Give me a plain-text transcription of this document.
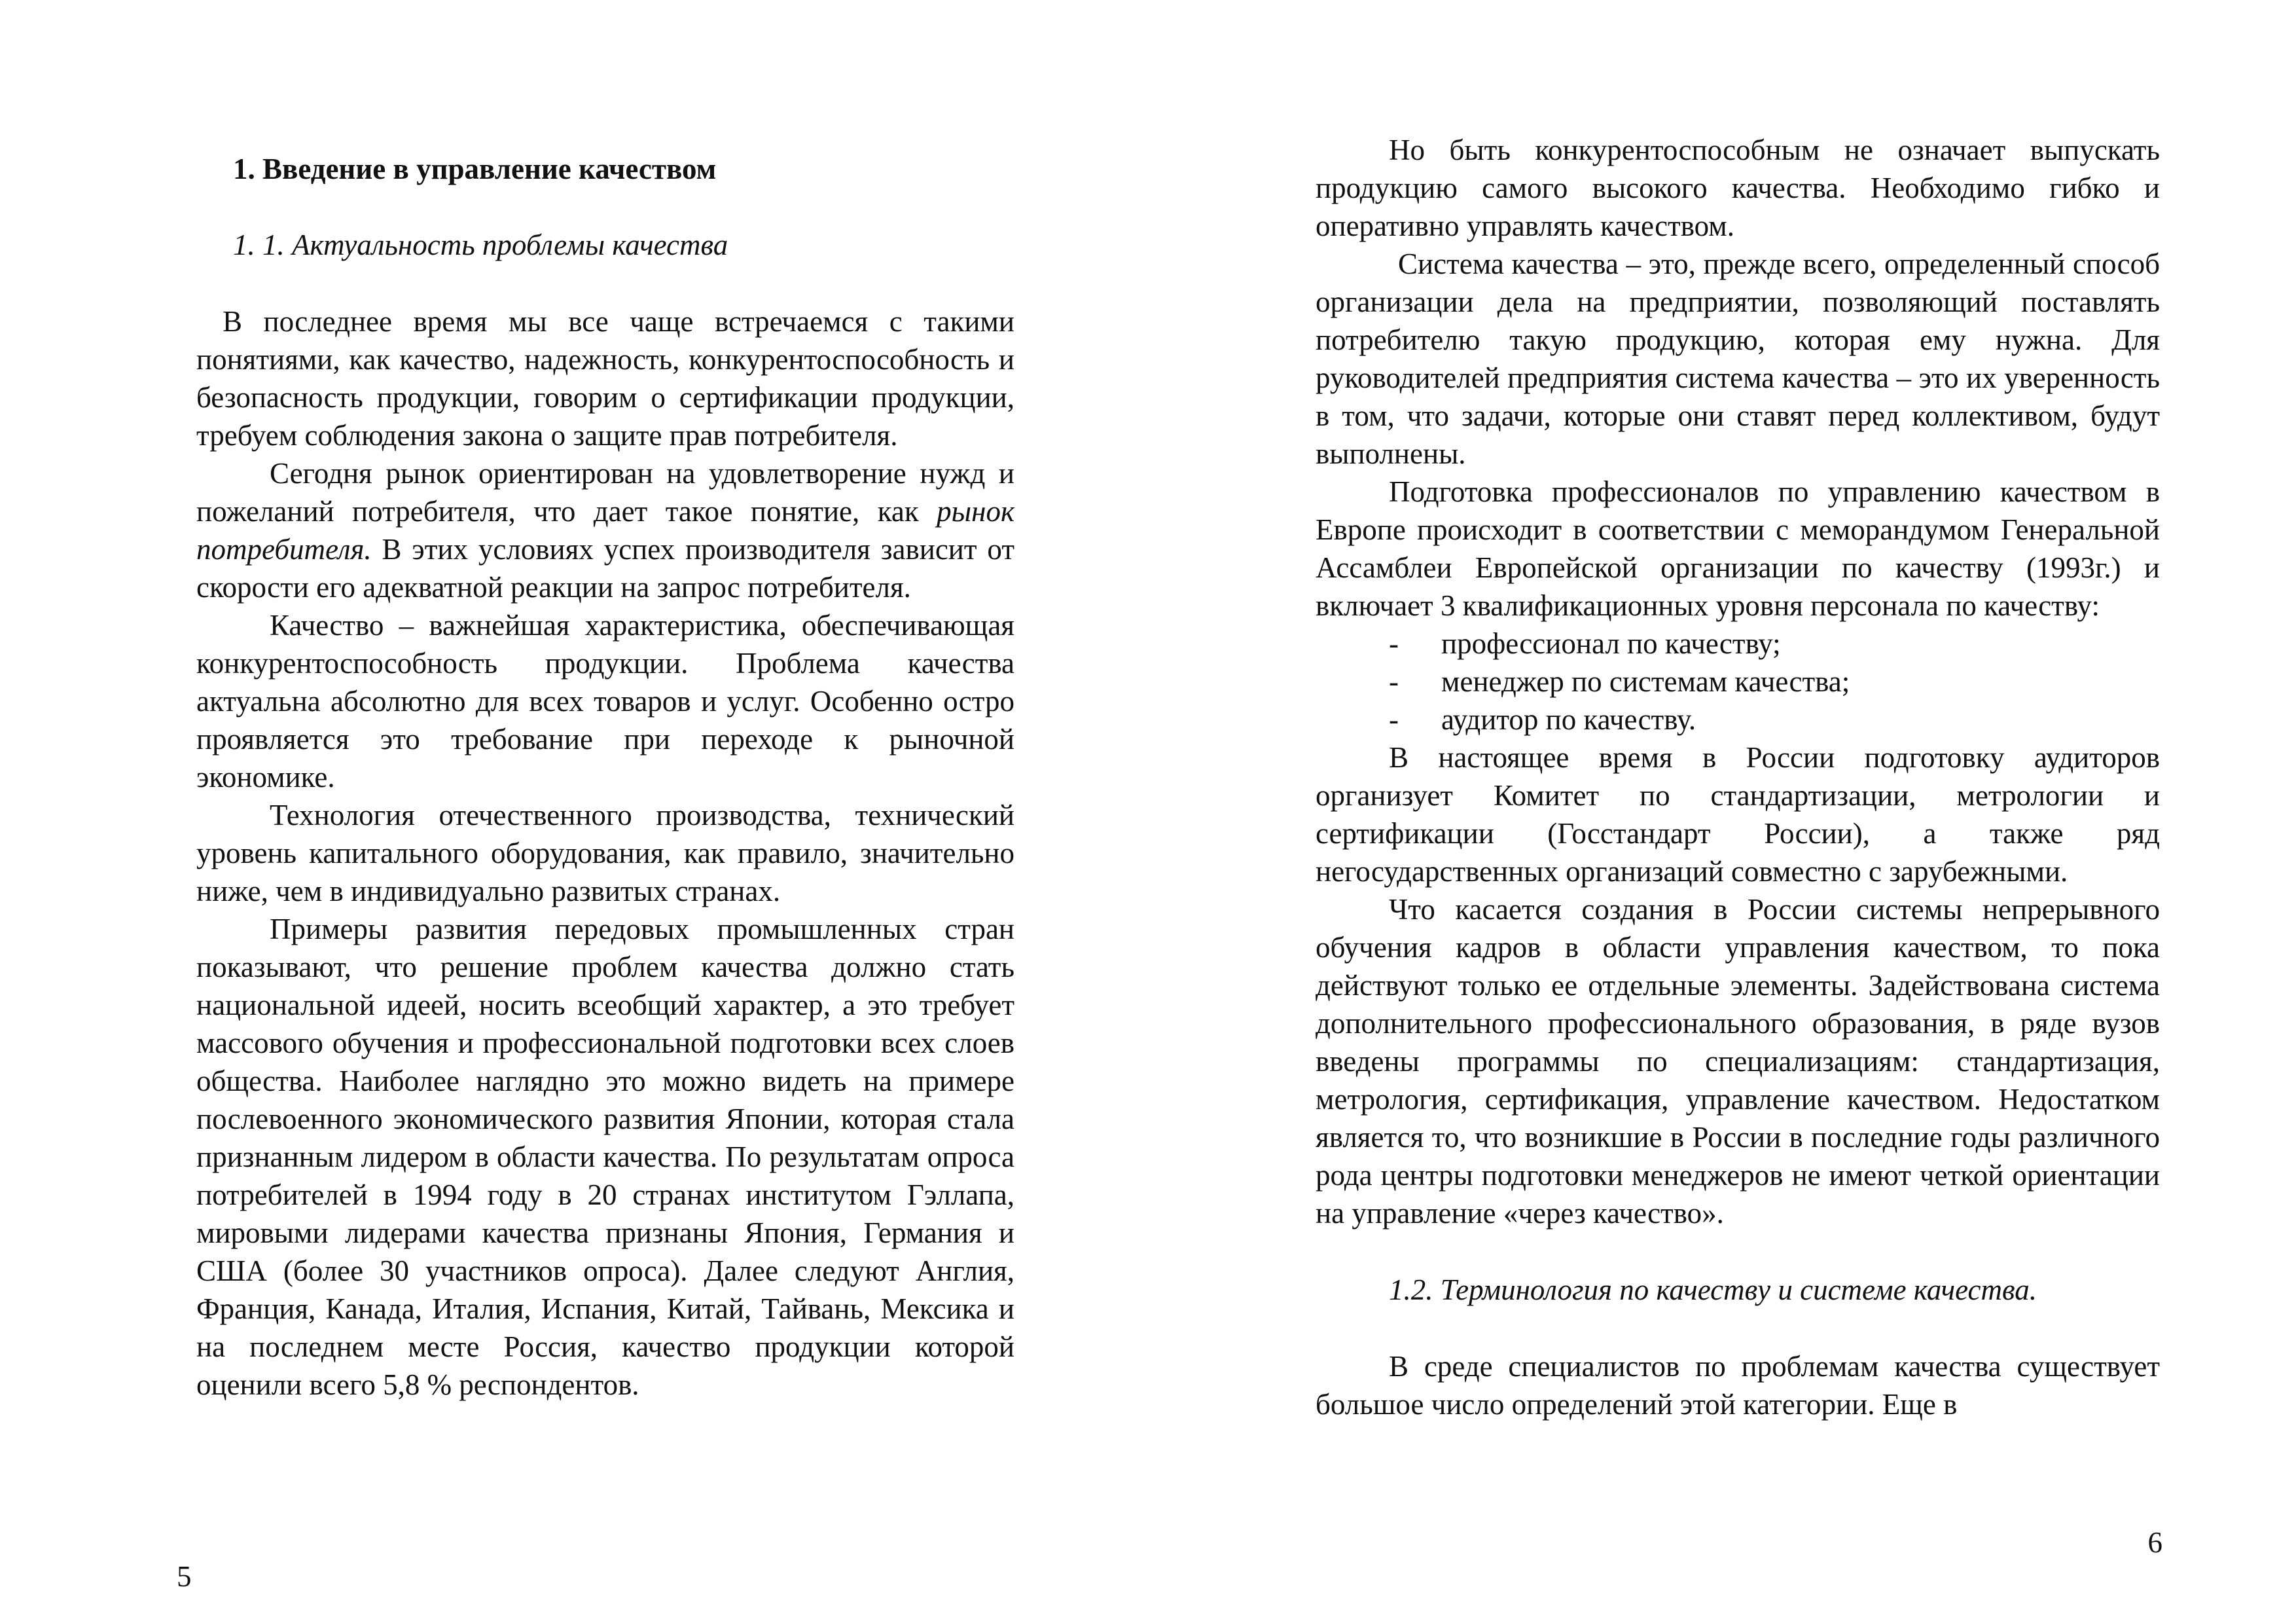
1. Введение в управление качеством
1. 1. Актуальность проблемы качества

В последнее время мы все чаще встречаемся с такими понятиями, как качество, надежность, конкурентоспособность и безопасность продукции, говорим о сертификации продукции, требуем соблюдения закона о защите прав потребителя.

Сегодня рынок ориентирован на удовлетворение нужд и пожеланий потребителя, что дает такое понятие, как рынок потребителя. В этих условиях успех производителя зависит от скорости его адекватной реакции на запрос потребителя.

Качество – важнейшая характеристика, обеспечивающая конкурентоспособность продукции. Проблема качества актуальна абсолютно для всех товаров и услуг. Особенно остро проявляется это требование при переходе к рыночной экономике.

Технология отечественного производства, технический уровень капитального оборудования, как правило, значительно ниже, чем в индивидуально развитых странах.

Примеры развития передовых промышленных стран показывают, что решение проблем качества должно стать национальной идеей, носить всеобщий характер, а это требует массового обучения и профессиональной подготовки всех слоев общества. Наиболее наглядно это можно видеть на примере послевоенного экономического развития Японии, которая стала признанным лидером в области качества. По результатам опроса потребителей в 1994 году в 20 странах институтом Гэллапа, мировыми лидерами качества признаны Япония, Германия и США (более 30 участников опроса). Далее следуют Англия, Франция, Канада, Италия, Испания, Китай, Тайвань, Мексика и на последнем месте Россия, качество продукции которой оценили всего 5,8 % респондентов.

5

Но быть конкурентоспособным не означает выпускать продукцию самого высокого качества. Необходимо гибко и оперативно управлять качеством.

Система качества – это, прежде всего, определенный способ организации дела на предприятии, позволяющий поставлять потребителю такую продукцию, которая ему нужна. Для руководителей предприятия система качества – это их уверенность в том, что задачи, которые они ставят перед коллективом, будут выполнены.

Подготовка профессионалов по управлению качеством в Европе происходит в соответствии с меморандумом Генеральной Ассамблеи Европейской организации по качеству (1993г.) и включает 3 квалификационных уровня персонала по качеству:

- профессионал по качеству;
- менеджер по системам качества;
- аудитор по качеству.

В настоящее время в России подготовку аудиторов организует Комитет по стандартизации, метрологии и сертификации (Госстандарт России), а также ряд негосударственных организаций совместно с зарубежными.

Что касается создания в России системы непрерывного обучения кадров в области управления качеством, то пока действуют только ее отдельные элементы. Задействована система дополнительного профессионального образования, в ряде вузов введены программы по специализациям: стандартизация, метрология, сертификация, управление качеством. Недостатком является то, что возникшие в России в последние годы различного рода центры подготовки менеджеров не имеют четкой ориентации на управление «через качество».

1.2. Терминология по качеству и системе качества.

В среде специалистов по проблемам качества существует большое число определений этой категории. Еще в

6
